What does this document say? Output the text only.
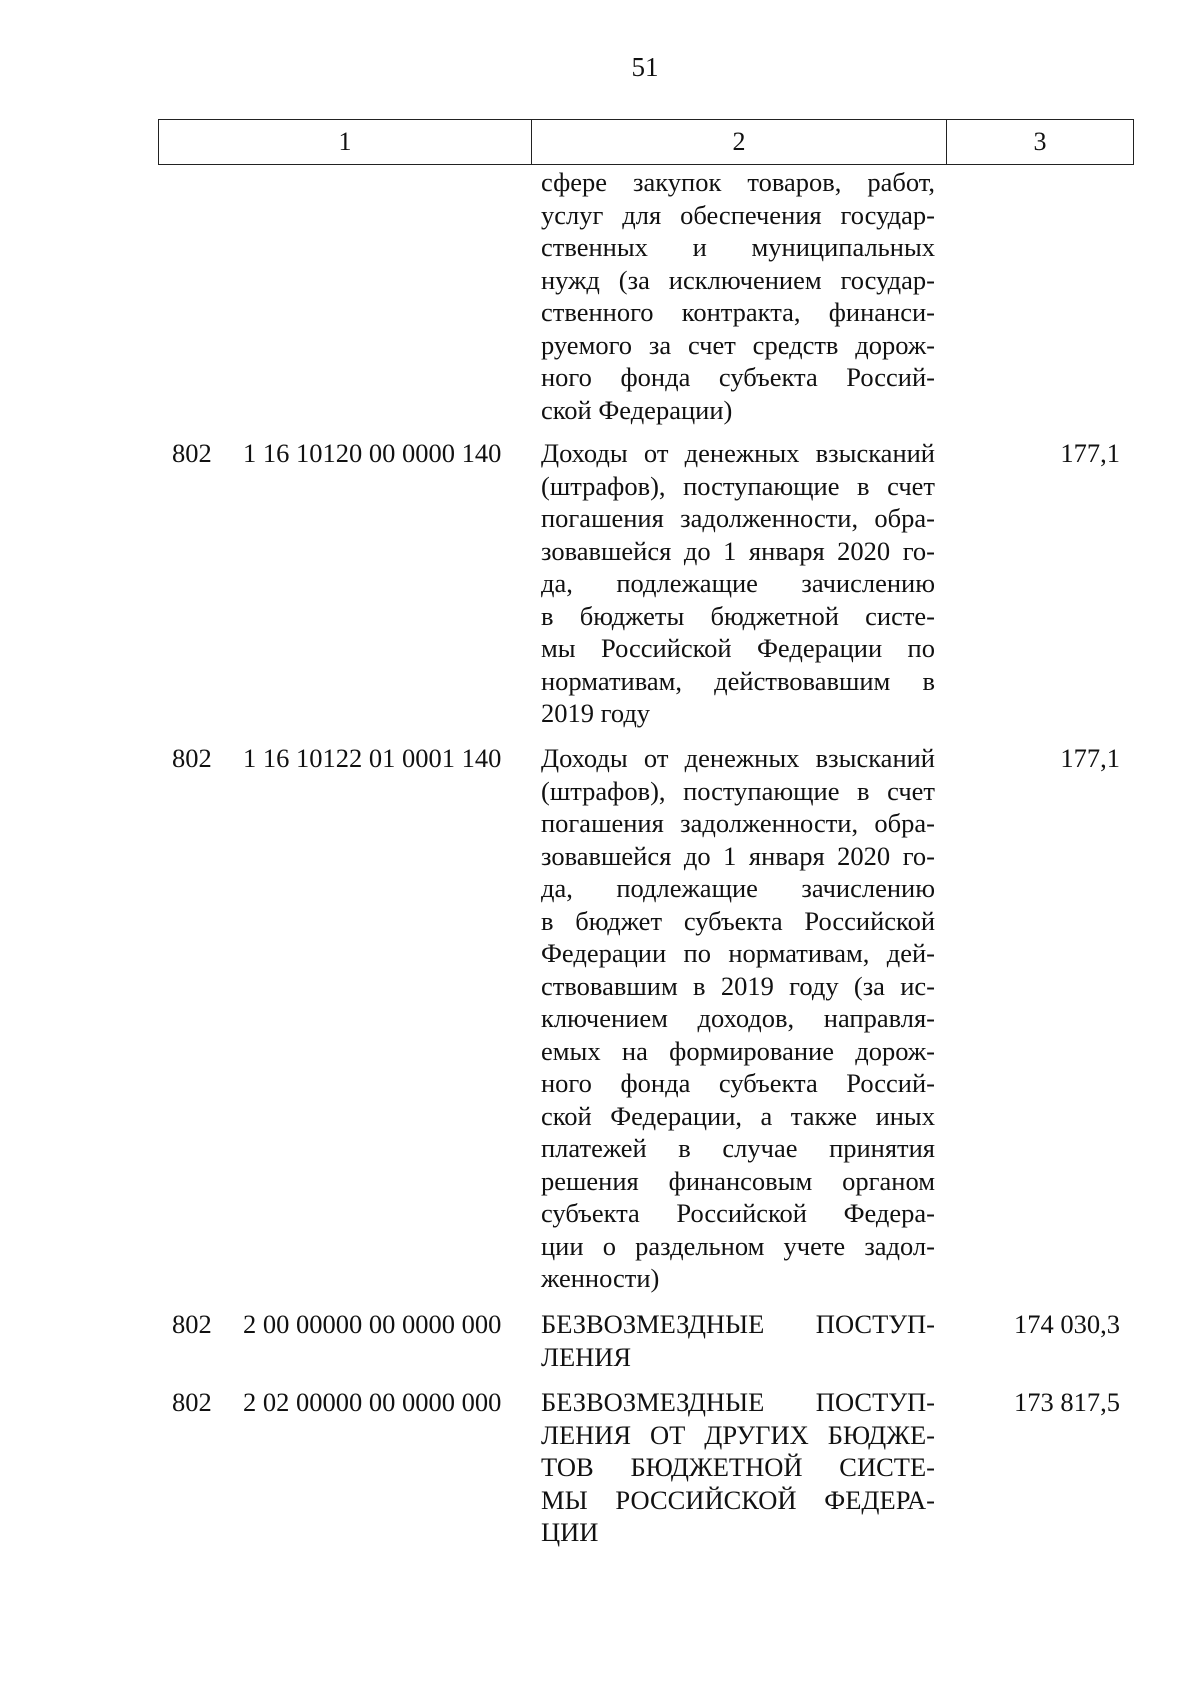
51
1	2	3
сфере закупок товаров, работ,
услуг для обеспечения государ-
ственных и муниципальных
нужд (за исключением государ-
ственного контракта, финанси-
руемого за счет средств дорож-
ного фонда субъекта Россий-
ской Федерации)
802 1 16 10120 00 0000 140 Доходы от денежных взысканий
(штрафов), поступающие в счет
погашения задолженности, обра-
зовавшейся до 1 января 2020 го-
да, подлежащие зачислению
в бюджеты бюджетной систе-
мы Российской Федерации по
нормативам, действовавшим в
2019 году
177,1
802 1 16 10122 01 0001 140 Доходы от денежных взысканий
(штрафов), поступающие в счет
погашения задолженности, обра-
зовавшейся до 1 января 2020 го-
да, подлежащие зачислению
в бюджет субъекта Российской
Федерации по нормативам, дей-
ствовавшим в 2019 году (за ис-
ключением доходов, направля-
емых на формирование дорож-
ного фонда субъекта Россий-
ской Федерации, а также иных
платежей в случае принятия
решения финансовым органом
субъекта Российской Федера-
ции о раздельном учете задол-
женности)
177,1
802 2 00 00000 00 0000 000 БЕЗВОЗМЕЗДНЫЕ ПОСТУП-
ЛЕНИЯ
174 030,3
802 2 02 00000 00 0000 000 БЕЗВОЗМЕЗДНЫЕ ПОСТУП-
ЛЕНИЯ ОТ ДРУГИХ БЮДЖЕ-
ТОВ БЮДЖЕТНОЙ СИСТЕ-
МЫ РОССИЙСКОЙ ФЕДЕРА-
ЦИИ
173 817,5
